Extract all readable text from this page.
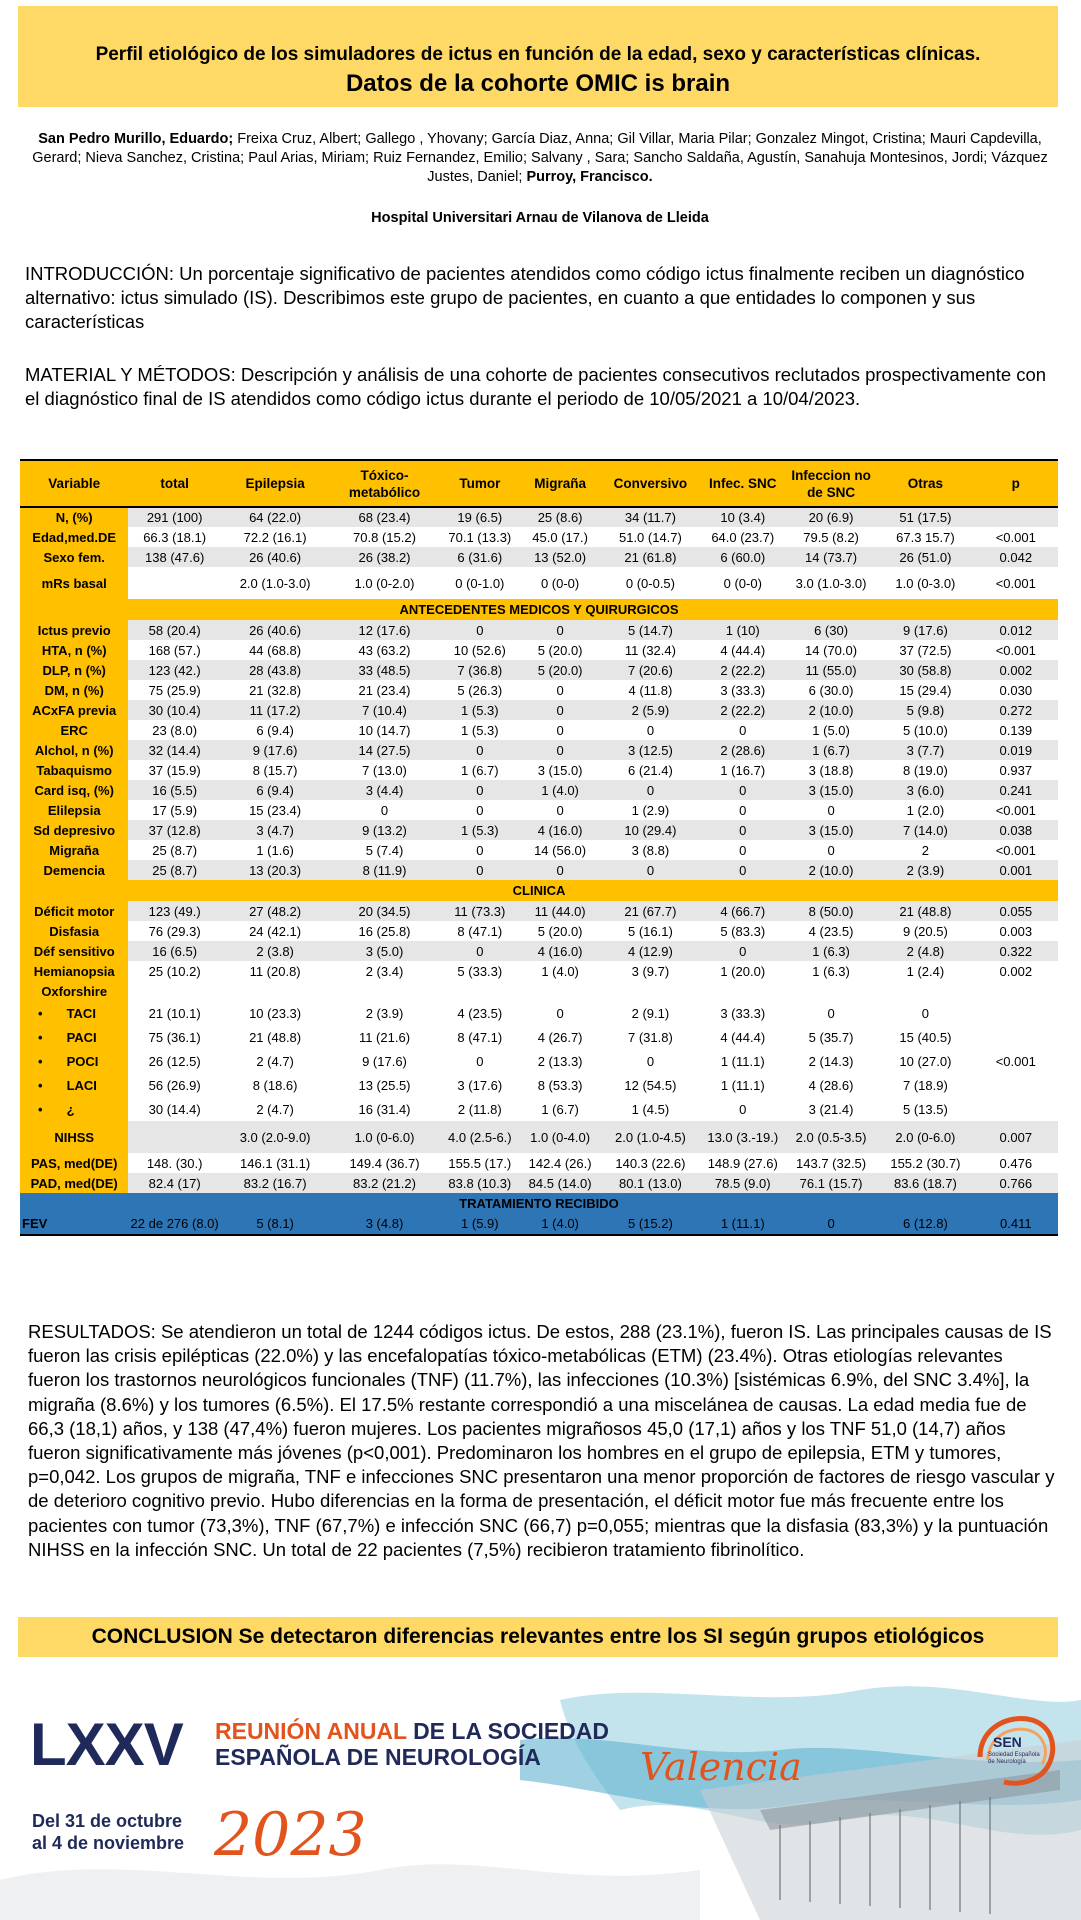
Perfil etiológico de los simuladores de ictus en función de la edad, sexo y características clínicas.
Datos de la cohorte OMIC is brain
San Pedro Murillo, Eduardo; Freixa Cruz, Albert; Gallego , Yhovany; García Diaz, Anna; Gil Villar, Maria Pilar; Gonzalez Mingot, Cristina; Mauri Capdevilla, Gerard; Nieva Sanchez, Cristina; Paul Arias, Miriam; Ruiz Fernandez, Emilio; Salvany , Sara; Sancho Saldaña, Agustín, Sanahuja Montesinos, Jordi; Vázquez Justes, Daniel; Purroy, Francisco.
Hospital Universitari Arnau de Vilanova de Lleida
INTRODUCCIÓN: Un porcentaje significativo de pacientes atendidos como código ictus finalmente reciben un diagnóstico alternativo: ictus simulado (IS). Describimos este grupo de pacientes, en cuanto a que entidades lo componen y sus características
MATERIAL Y MÉTODOS: Descripción y análisis de una cohorte de pacientes consecutivos reclutados prospectivamente con el diagnóstico final de IS atendidos como código ictus durante el periodo de 10/05/2021 a 10/04/2023.
Variable	total	Epilepsia	Tóxico-metabólico	Tumor	Migraña	Conversivo	Infec. SNC	Infeccion no de SNC	Otras	p
N, (%)	291 (100)	64 (22.0)	68 (23.4)	19 (6.5)	25 (8.6)	34 (11.7)	10 (3.4)	20 (6.9)	51 (17.5)	
Edad,med.DE	66.3 (18.1)	72.2 (16.1)	70.8 (15.2)	70.1 (13.3)	45.0 (17.)	51.0 (14.7)	64.0 (23.7)	79.5 (8.2)	67.3 15.7)	<0.001
Sexo fem.	138 (47.6)	26 (40.6)	26 (38.2)	6 (31.6)	13 (52.0)	21 (61.8)	6 (60.0)	14 (73.7)	26 (51.0)	0.042
mRs basal		2.0 (1.0-3.0)	1.0 (0-2.0)	0 (0-1.0)	0 (0-0)	0 (0-0.5)	0 (0-0)	3.0 (1.0-3.0)	1.0 (0-3.0)	<0.001
ANTECEDENTES MEDICOS Y QUIRURGICOS										
Ictus previo	58 (20.4)	26 (40.6)	12 (17.6)	0	0	5 (14.7)	1 (10)	6 (30)	9 (17.6)	0.012
HTA, n (%)	168 (57.)	44 (68.8)	43 (63.2)	10 (52.6)	5 (20.0)	11 (32.4)	4 (44.4)	14 (70.0)	37 (72.5)	<0.001
DLP, n (%)	123 (42.)	28 (43.8)	33 (48.5)	7 (36.8)	5 (20.0)	7 (20.6)	2 (22.2)	11 (55.0)	30 (58.8)	0.002
DM, n (%)	75 (25.9)	21 (32.8)	21 (23.4)	5 (26.3)	0	4 (11.8)	3 (33.3)	6 (30.0)	15 (29.4)	0.030
ACxFA previa	30 (10.4)	11 (17.2)	7 (10.4)	1 (5.3)	0	2 (5.9)	2 (22.2)	2 (10.0)	5 (9.8)	0.272
ERC	23 (8.0)	6 (9.4)	10 (14.7)	1 (5.3)	0	0	0	1 (5.0)	5 (10.0)	0.139
Alchol, n (%)	32 (14.4)	9 (17.6)	14 (27.5)	0	0	3 (12.5)	2 (28.6)	1 (6.7)	3 (7.7)	0.019
Tabaquismo	37 (15.9)	8 (15.7)	7 (13.0)	1 (6.7)	3 (15.0)	6 (21.4)	1 (16.7)	3 (18.8)	8 (19.0)	0.937
Card isq, (%)	16 (5.5)	6 (9.4)	3 (4.4)	0	1 (4.0)	0	0	3 (15.0)	3 (6.0)	0.241
Elilepsia	17 (5.9)	15 (23.4)	0	0	0	1 (2.9)	0	0	1 (2.0)	<0.001
Sd depresivo	37 (12.8)	3 (4.7)	9 (13.2)	1 (5.3)	4 (16.0)	10 (29.4)	0	3 (15.0)	7 (14.0)	0.038
Migraña	25 (8.7)	1 (1.6)	5 (7.4)	0	14 (56.0)	3 (8.8)	0	0	2	<0.001
Demencia	25 (8.7)	13 (20.3)	8 (11.9)	0	0	0	0	2 (10.0)	2 (3.9)	0.001
CLINICA										
Déficit motor	123 (49.)	27 (48.2)	20 (34.5)	11 (73.3)	11 (44.0)	21 (67.7)	4 (66.7)	8 (50.0)	21 (48.8)	0.055
Disfasia	76 (29.3)	24 (42.1)	16 (25.8)	8 (47.1)	5 (20.0)	5 (16.1)	5 (83.3)	4 (23.5)	9 (20.5)	0.003
Déf sensitivo	16 (6.5)	2 (3.8)	3 (5.0)	0	4 (16.0)	4 (12.9)	0	1 (6.3)	2 (4.8)	0.322
Hemianopsia	25 (10.2)	11 (20.8)	2 (3.4)	5 (33.3)	1 (4.0)	3 (9.7)	1 (20.0)	1 (6.3)	1 (2.4)	0.002
Oxforshire										
• TACI	21 (10.1)	10 (23.3)	2 (3.9)	4 (23.5)	0	2 (9.1)	3 (33.3)	0	0	<0.001
• PACI	75 (36.1)	21 (48.8)	11 (21.6)	8 (47.1)	4 (26.7)	7 (31.8)	4 (44.4)	5 (35.7)	15 (40.5)	
• POCI	26 (12.5)	2 (4.7)	9 (17.6)	0	2 (13.3)	0	1 (11.1)	2 (14.3)	10 (27.0)	
• LACI	56 (26.9)	8 (18.6)	13 (25.5)	3 (17.6)	8 (53.3)	12 (54.5)	1 (11.1)	4 (28.6)	7 (18.9)	
• ¿	30 (14.4)	2 (4.7)	16 (31.4)	2 (11.8)	1 (6.7)	1 (4.5)	0	3 (21.4)	5 (13.5)	
NIHSS		3.0 (2.0-9.0)	1.0 (0-6.0)	4.0 (2.5-6.)	1.0 (0-4.0)	2.0 (1.0-4.5)	13.0 (3.-19.)	2.0 (0.5-3.5)	2.0 (0-6.0)	0.007
PAS, med(DE)	148. (30.)	146.1 (31.1)	149.4 (36.7)	155.5 (17.)	142.4 (26.)	140.3 (22.6)	148.9 (27.6)	143.7 (32.5)	155.2 (30.7)	0.476
PAD, med(DE)	82.4 (17)	83.2 (16.7)	83.2 (21.2)	83.8 (10.3)	84.5 (14.0)	80.1 (13.0)	78.5 (9.0)	76.1 (15.7)	83.6 (18.7)	0.766
TRATAMIENTO RECIBIDO										
FEV	22 de 276 (8.0)	5 (8.1)	3 (4.8)	1 (5.9)	1 (4.0)	5 (15.2)	1 (11.1)	0	6 (12.8)	0.411
RESULTADOS: Se atendieron un total de 1244 códigos ictus. De estos, 288 (23.1%), fueron IS. Las principales causas de IS fueron las crisis epilépticas (22.0%) y las encefalopatías tóxico-metabólicas (ETM) (23.4%). Otras etiologías relevantes fueron los trastornos neurológicos funcionales (TNF) (11.7%), las infecciones (10.3%) [sistémicas 6.9%, del SNC 3.4%], la migraña (8.6%) y los tumores (6.5%). El 17.5% restante correspondió a una miscelánea de causas. La edad media fue de 66,3 (18,1) años, y 138 (47,4%) fueron mujeres. Los pacientes migrañosos 45,0 (17,1) años y los TNF 51,0 (14,7) años fueron significativamente más jóvenes (p<0,001). Predominaron los hombres en el grupo de epilepsia, ETM y tumores, p=0,042. Los grupos de migraña, TNF e infecciones SNC presentaron una menor proporción de factores de riesgo vascular y de deterioro cognitivo previo. Hubo diferencias en la forma de presentación, el déficit motor fue más frecuente entre los pacientes con tumor (73,3%), TNF (67,7%) e infección SNC (66,7) p=0,055; mientras que la disfasia (83,3%) y la puntuación NIHSS en la infección SNC. Un total de 22 pacientes (7,5%) recibieron tratamiento fibrinolítico.
CONCLUSION Se detectaron diferencias relevantes entre los SI según grupos etiológicos
LXXV REUNIÓN ANUAL DE LA SOCIEDAD
ESPAÑOLA DE NEUROLOGÍA
Del 31 de octubre
al 4 de noviembre 2023
Valencia
SEN
Sociedad Española de Neurología
